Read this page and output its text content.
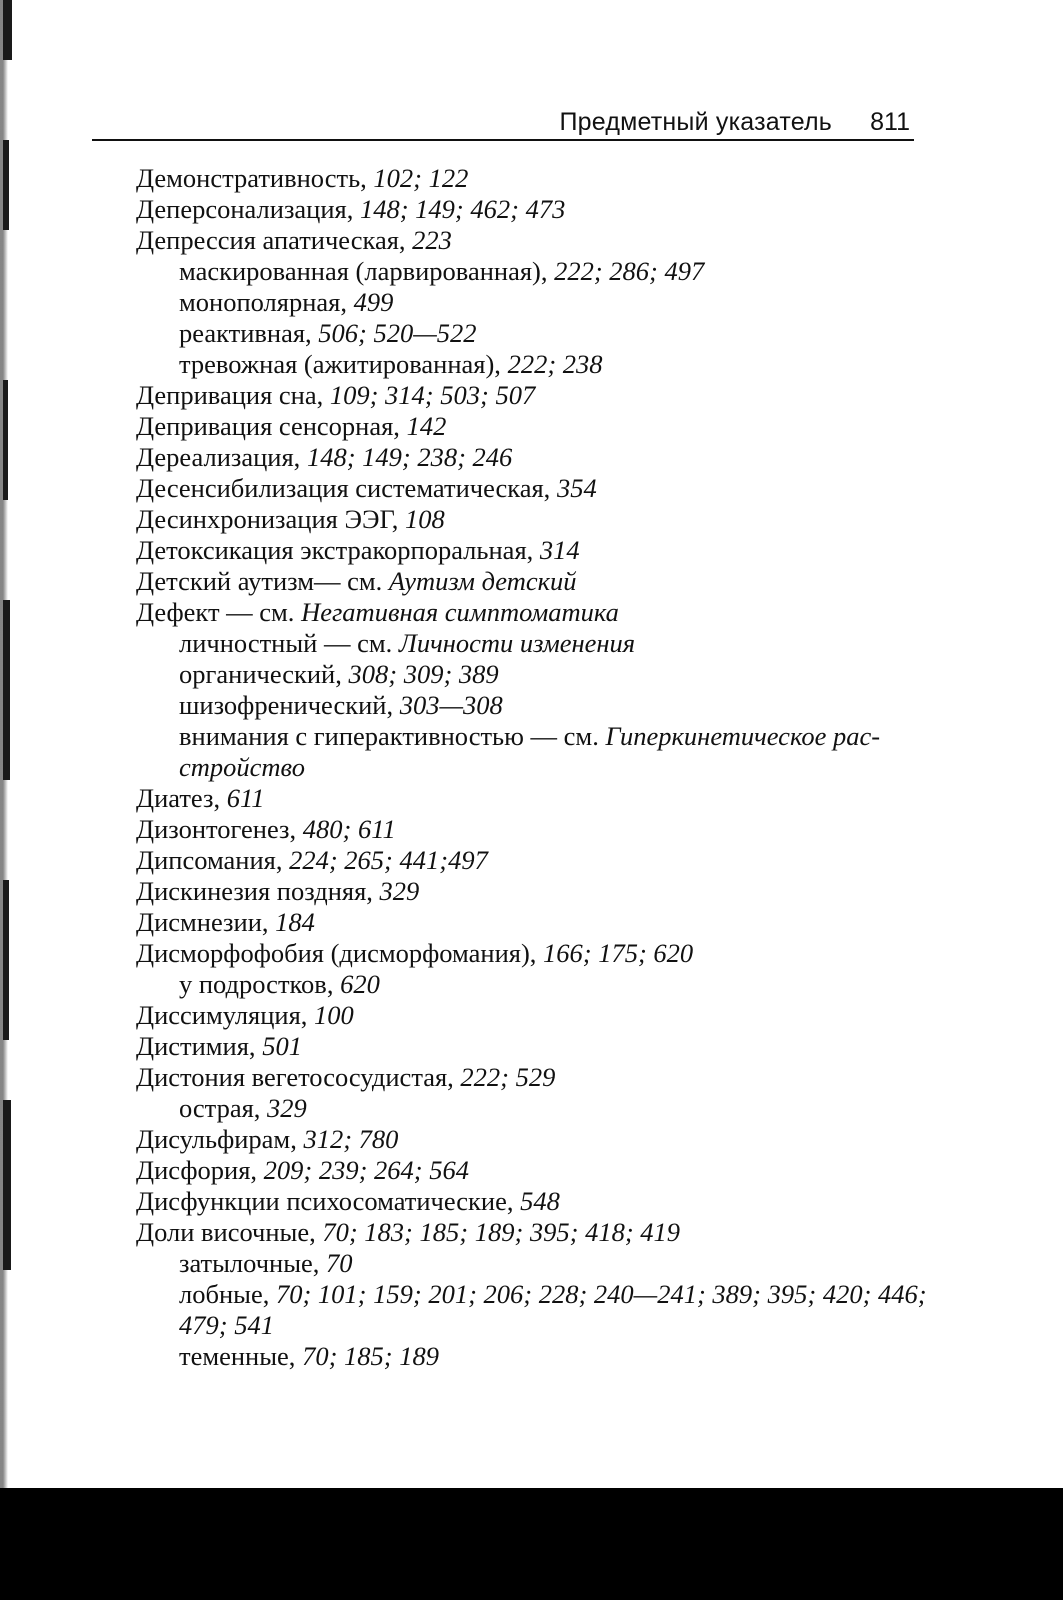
Предметный указатель 811
Демонстративность, 102; 122
Деперсонализация, 148; 149; 462; 473
Депрессия апатическая, 223
маскированная (ларвированная), 222; 286; 497
монополярная, 499
реактивная, 506; 520—522
тревожная (ажитированная), 222; 238
Депривация сна, 109; 314; 503; 507
Депривация сенсорная, 142
Дереализация, 148; 149; 238; 246
Десенсибилизация систематическая, 354
Десинхронизация ЭЭГ, 108
Детоксикация экстракорпоральная, 314
Детский аутизм— см. Аутизм детский
Дефект — см. Негативная симптоматика
личностный — см. Личности изменения
органический, 308; 309; 389
шизофренический, 303—308
внимания с гиперактивностью — см. Гиперкинетическое рас-
стройство
Диатез, 611
Дизонтогенез, 480; 611
Дипсомания, 224; 265; 441;497
Дискинезия поздняя, 329
Дисмнезии, 184
Дисморфофобия (дисморфомания), 166; 175; 620
у подростков, 620
Диссимуляция, 100
Дистимия, 501
Дистония вегетососудистая, 222; 529
острая, 329
Дисульфирам, 312; 780
Дисфория, 209; 239; 264; 564
Дисфункции психосоматические, 548
Доли височные, 70; 183; 185; 189; 395; 418; 419
затылочные, 70
лобные, 70; 101; 159; 201; 206; 228; 240—241; 389; 395; 420; 446;
479; 541
теменные, 70; 185; 189
